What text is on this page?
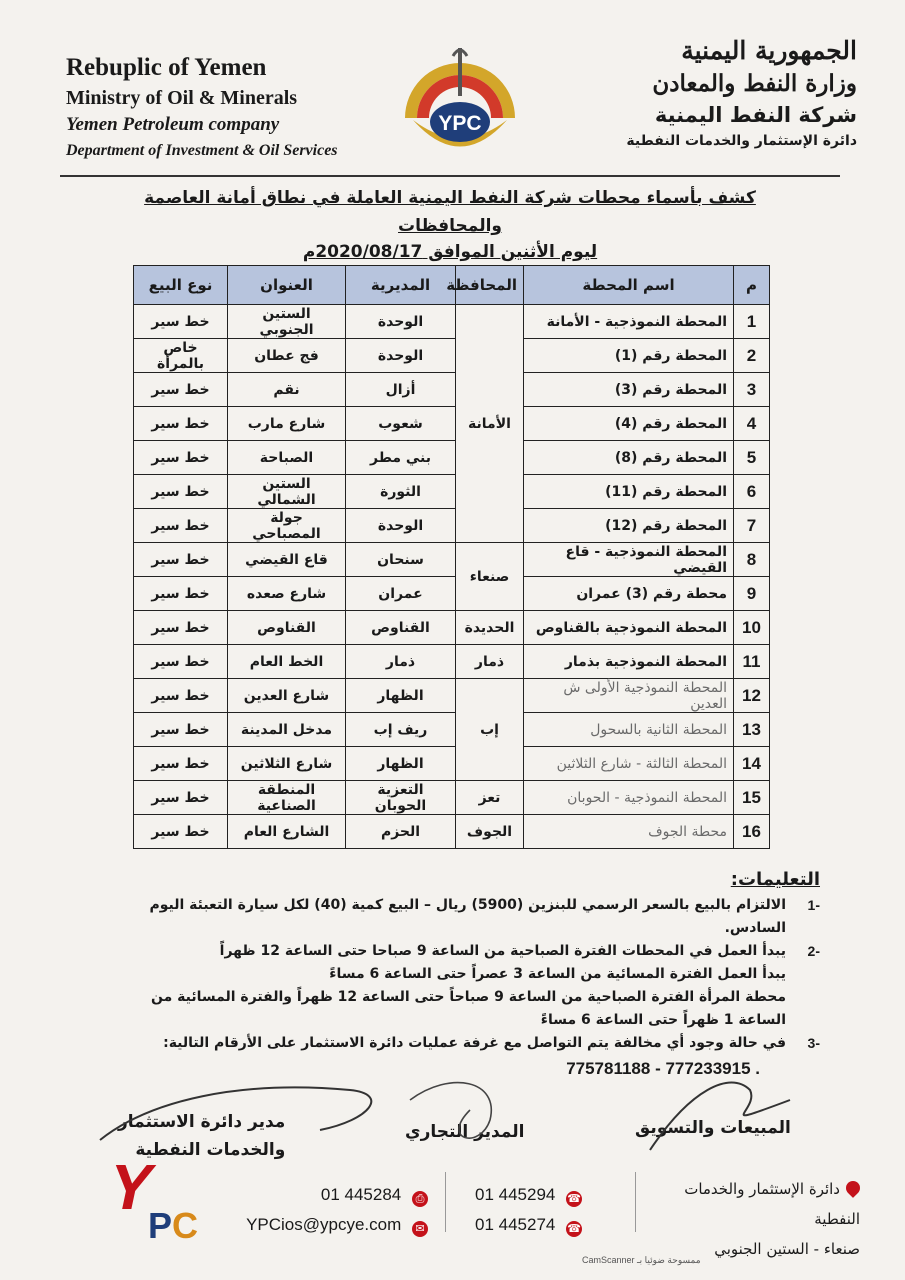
Rebuplic of Yemen
Ministry of Oil & Minerals
Yemen Petroleum company
Department of Investment & Oil Services
YPC
الجمهورية اليمنية
وزارة النفط والمعادن
شركة النفط اليمنية
دائرة الإستثمار والخدمات النفطية
كشف بأسماء محطات شركة النفط اليمنية العاملة في نطاق أمانة العاصمة والمحافظات
ليوم الأثنين الموافق 2020/08/17م
م	اسم المحطة	المحافظة	المديرية	العنوان	نوع البيع
1	المحطة النموذجية - الأمانة	الأمانة	الوحدة	الستين الجنوبي	خط سير
2	المحطة رقم (1)		الوحدة	فج عطان	خاص بالمرأة
3	المحطة رقم (3)		أزال	نقم	خط سير
4	المحطة رقم (4)		شعوب	شارع مارب	خط سير
5	المحطة رقم (8)		بني مطر	الصباحة	خط سير
6	المحطة رقم (11)		الثورة	الستين الشمالي	خط سير
7	المحطة رقم (12)		الوحدة	جولة المصباحي	خط سير
8	المحطة النموذجية - قاع القيضي	صنعاء	سنحان	قاع القيضي	خط سير
9	محطة رقم (3) عمران		عمران	شارع صعده	خط سير
10	المحطة النموذجية بالقناوص	الحديدة	القناوص	القناوص	خط سير
11	المحطة النموذجية بذمار	ذمار	ذمار	الخط العام	خط سير
12	المحطة النموذجية الأولى ش العدين	إب	الظهار	شارع العدين	خط سير
13	المحطة الثانية بالسحول		ريف إب	مدخل المدينة	خط سير
14	المحطة الثالثة - شارع الثلاثين		الظهار	شارع الثلاثين	خط سير
15	المحطة النموذجية - الحوبان	تعز	التعزية الحوبان	المنطقة الصناعية	خط سير
16	محطة الجوف	الجوف	الحزم	الشارع العام	خط سير
التعليمات:
1-
الالتزام بالبيع بالسعر الرسمي للبنزين (5900) ريال – البيع كمية (40) لكل سيارة التعبئة اليوم السادس.
2-
يبدأ العمل في المحطات الفترة الصباحية من الساعة 9 صباحا حتى الساعة 12 ظهراً
يبدأ العمل الفترة المسائية من الساعة 3 عصراً حتى الساعة 6 مساءً
محطة المرأة الفترة الصباحية من الساعة 9 صباحاً حتى الساعة 12 ظهراً والفترة المسائية من الساعة 1 ظهراً حتى الساعة 6 مساءً
3-
في حالة وجود أي مخالفة يتم التواصل مع غرفة عمليات دائرة الاستثمار على الأرقام التالية:
775781188 - 777233915 .
المبيعات والتسويق
المدير التجاري
مدير دائرة الاستثمار
والخدمات النفطية
Y
PC
01 445284 ⎙
YPCios@ypcye.com ✉
01 445294 ☎
01 445274 ☎
دائرة الإستثمار والخدمات النفطية
صنعاء - الستين الجنوبي
CamScanner ممسوحة ضوئيا بـ
